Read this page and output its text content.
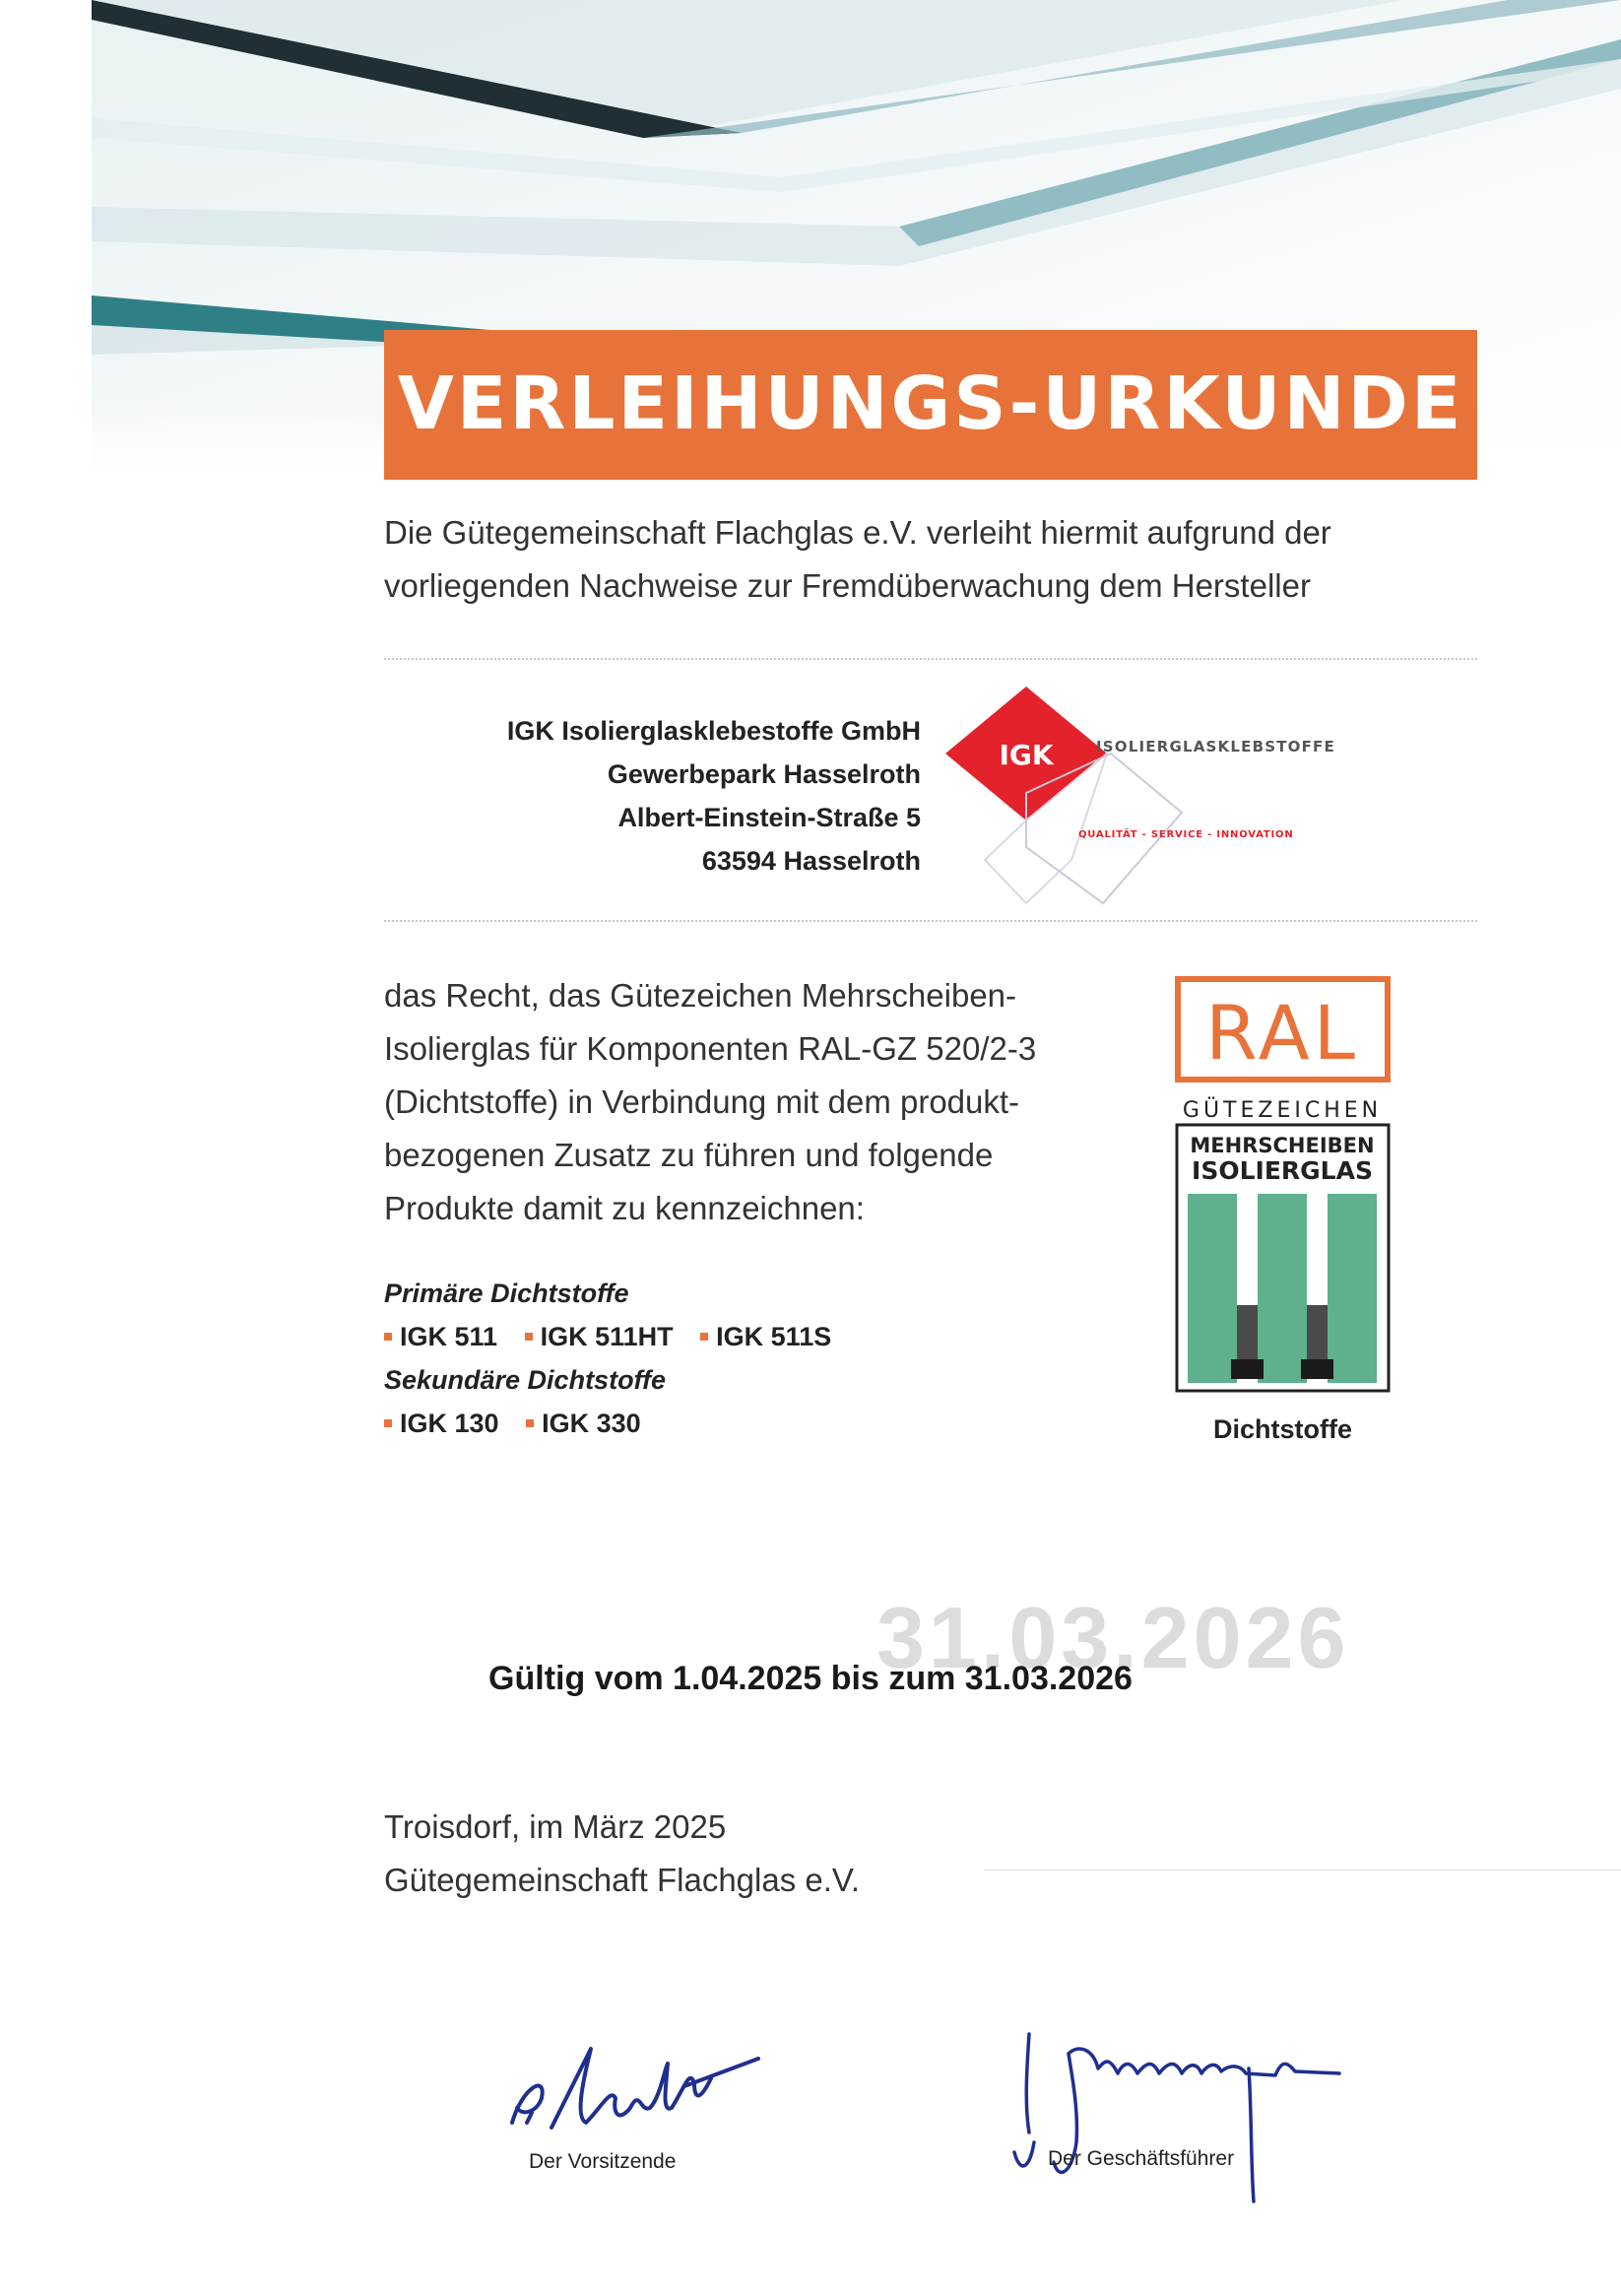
VERLEIHUNGS-URKUNDE
Die Gütegemeinschaft Flachglas e.V. verleiht hiermit aufgrund der
vorliegenden Nachweise zur Fremdüberwachung dem Hersteller
IGK Isolierglasklebestoffe GmbH
Gewerbepark Hasselroth
Albert-Einstein-Straße 5
63594 Hasselroth
IGK	ISOLIERGLASKLEBSTOFFE
QUALITÄT - SERVICE - INNOVATION
das Recht, das Gütezeichen Mehrscheiben-
Isolierglas für Komponenten RAL-GZ 520/2-3
(Dichtstoffe) in Verbindung mit dem produkt-
bezogenen Zusatz zu führen und folgende
Produkte damit zu kennzeichnen:
Primäre Dichtstoffe
IGK 511 IGK 511HT IGK 511S
Sekundäre Dichtstoffe
IGK 130 IGK 330
RAL
GÜTEZEICHEN
MEHRSCHEIBEN
ISOLIERGLAS
Dichtstoffe
31.03.2026
Gültig vom 1.04.2025 bis zum 31.03.2026
Troisdorf, im März 2025
Gütegemeinschaft Flachglas e.V.
Der Vorsitzende	Der Geschäftsführer
